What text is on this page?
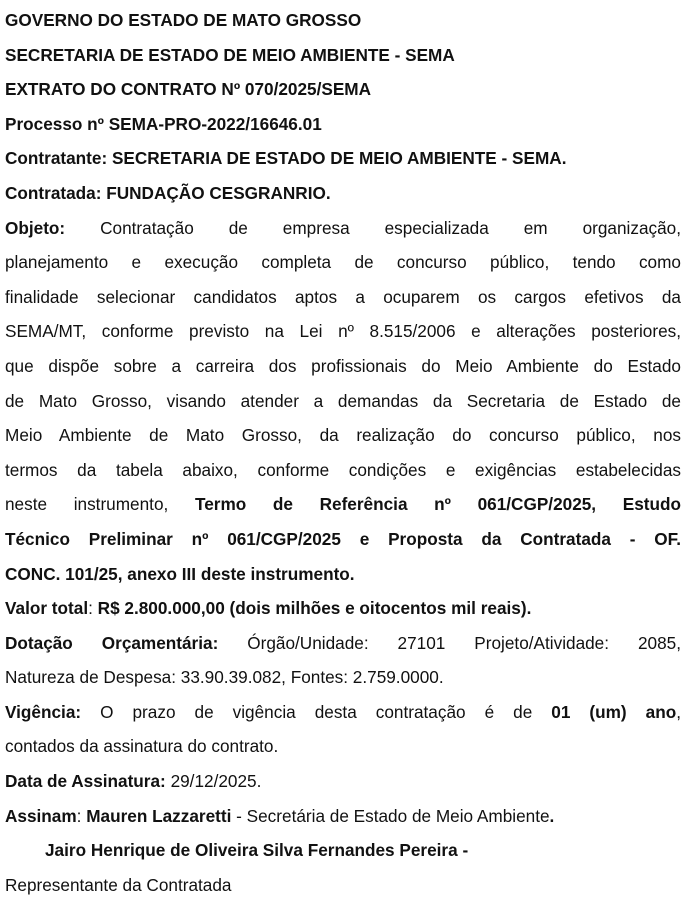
GOVERNO DO ESTADO DE MATO GROSSO
SECRETARIA DE ESTADO DE MEIO AMBIENTE - SEMA
EXTRATO DO CONTRATO Nº 070/2025/SEMA
Processo nº SEMA-PRO-2022/16646.01
Contratante: SECRETARIA DE ESTADO DE MEIO AMBIENTE - SEMA.
Contratada: FUNDAÇÃO CESGRANRIO.
Objeto: Contratação de empresa especializada em organização,
planejamento e execução completa de concurso público, tendo como
finalidade selecionar candidatos aptos a ocuparem os cargos efetivos da
SEMA/MT, conforme previsto na Lei nº 8.515/2006 e alterações posteriores,
que dispõe sobre a carreira dos profissionais do Meio Ambiente do Estado
de Mato Grosso, visando atender a demandas da Secretaria de Estado de
Meio Ambiente de Mato Grosso, da realização do concurso público, nos
termos da tabela abaixo, conforme condições e exigências estabelecidas
neste instrumento, Termo de Referência nº 061/CGP/2025, Estudo
Técnico Preliminar nº 061/CGP/2025 e Proposta da Contratada - OF.
CONC. 101/25, anexo III deste instrumento.
Valor total: R$ 2.800.000,00 (dois milhões e oitocentos mil reais).
Dotação Orçamentária: Órgão/Unidade: 27101 Projeto/Atividade: 2085,
Natureza de Despesa: 33.90.39.082, Fontes: 2.759.0000.
Vigência: O prazo de vigência desta contratação é de 01 (um) ano,
contados da assinatura do contrato.
Data de Assinatura: 29/12/2025.
Assinam: Mauren Lazzaretti - Secretária de Estado de Meio Ambiente.
Jairo Henrique de Oliveira Silva Fernandes Pereira -
Representante da Contratada
